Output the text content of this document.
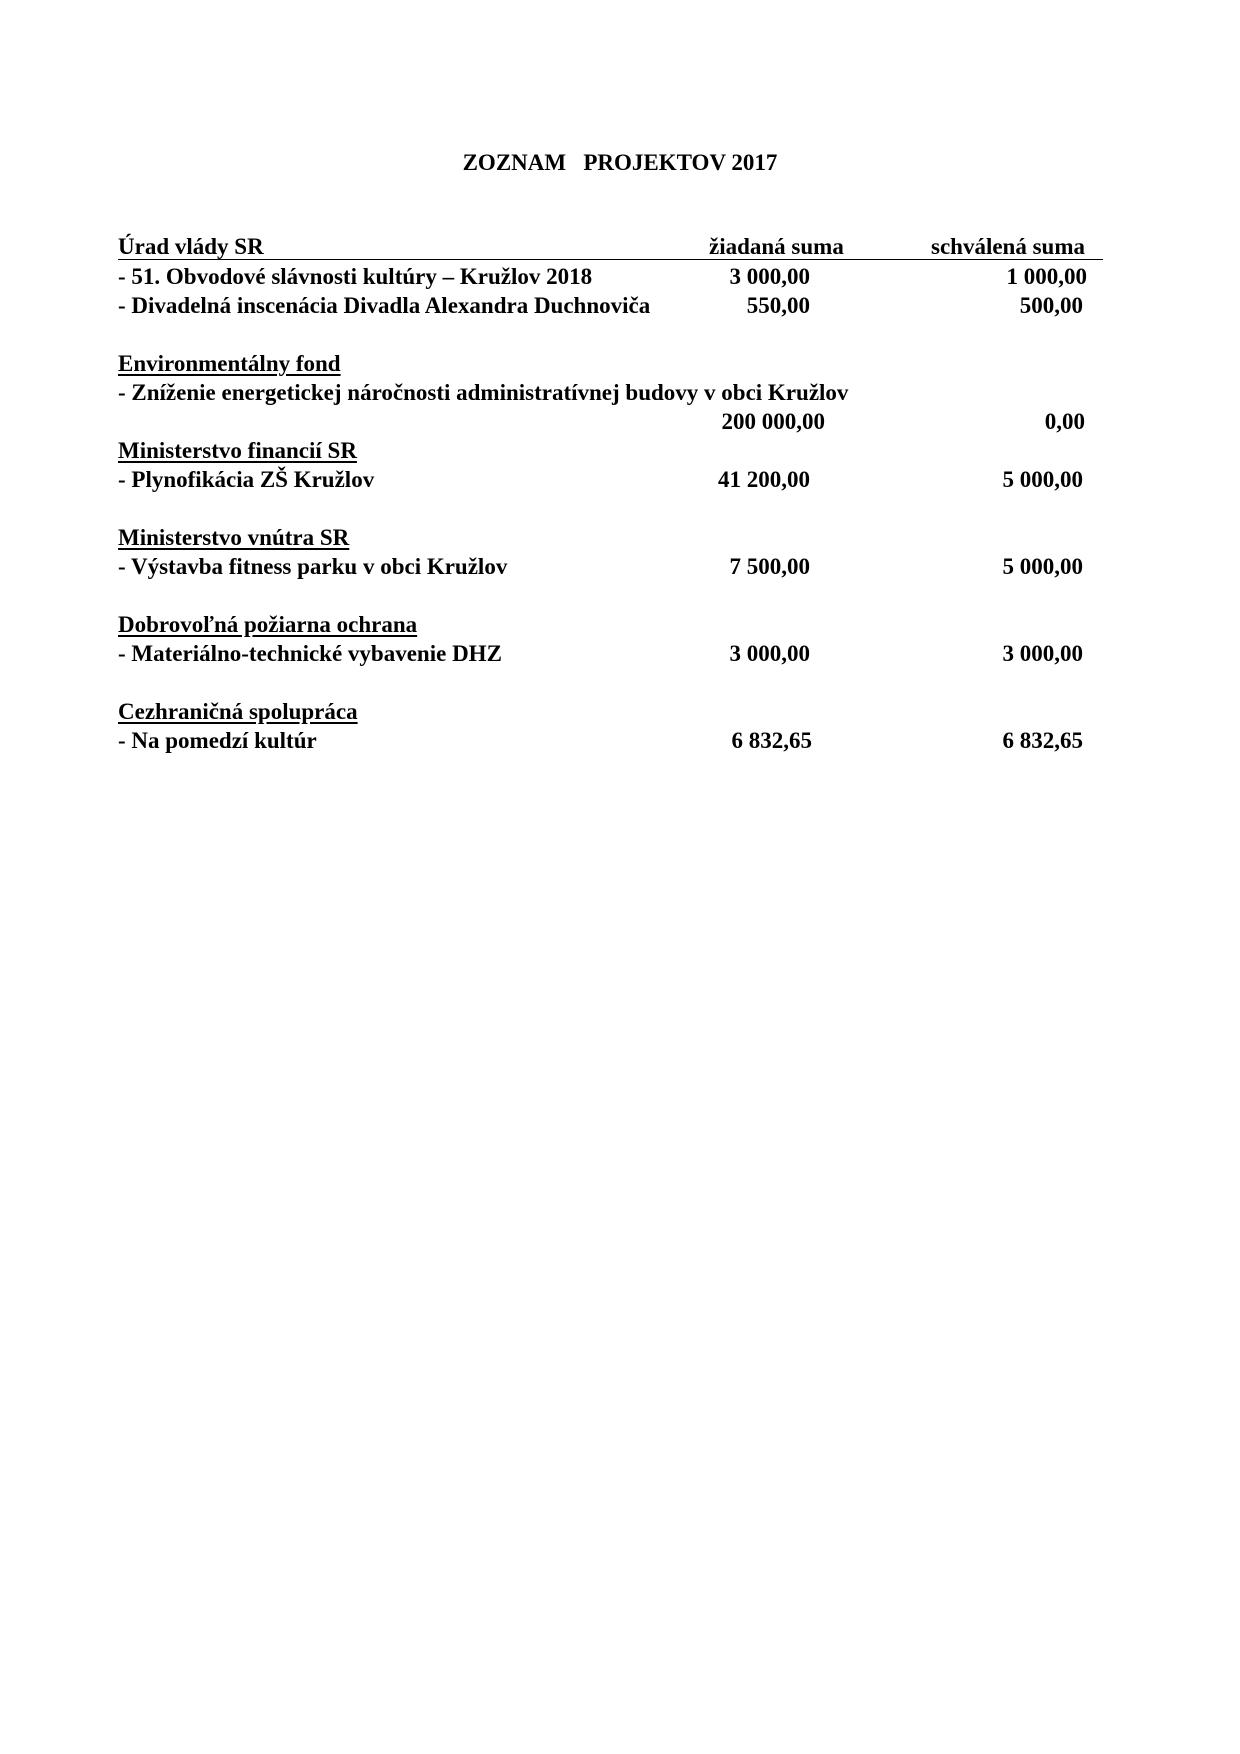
ZOZNAM   PROJEKTOV 2017
Úrad vlády SR	žiadaná suma	schválená suma
- 51. Obvodové slávnosti kultúry – Kružlov 2018	3 000,00	1 000,00
- Divadelná inscenácia Divadla Alexandra Duchnoviča	550,00	500,00
Environmentálny fond
- Zníženie energetickej náročnosti administratívnej budovy v obci Kružlov
200 000,00	0,00
Ministerstvo financií SR
- Plynofikácia ZŠ Kružlov	41 200,00	5 000,00
Ministerstvo vnútra SR
- Výstavba fitness parku v obci Kružlov	7 500,00	5 000,00
Dobrovoľná požiarna ochrana
- Materiálno-technické vybavenie DHZ	3 000,00	3 000,00
Cezhraničná spolupráca
- Na pomedzí kultúr	6 832,65	6 832,65
